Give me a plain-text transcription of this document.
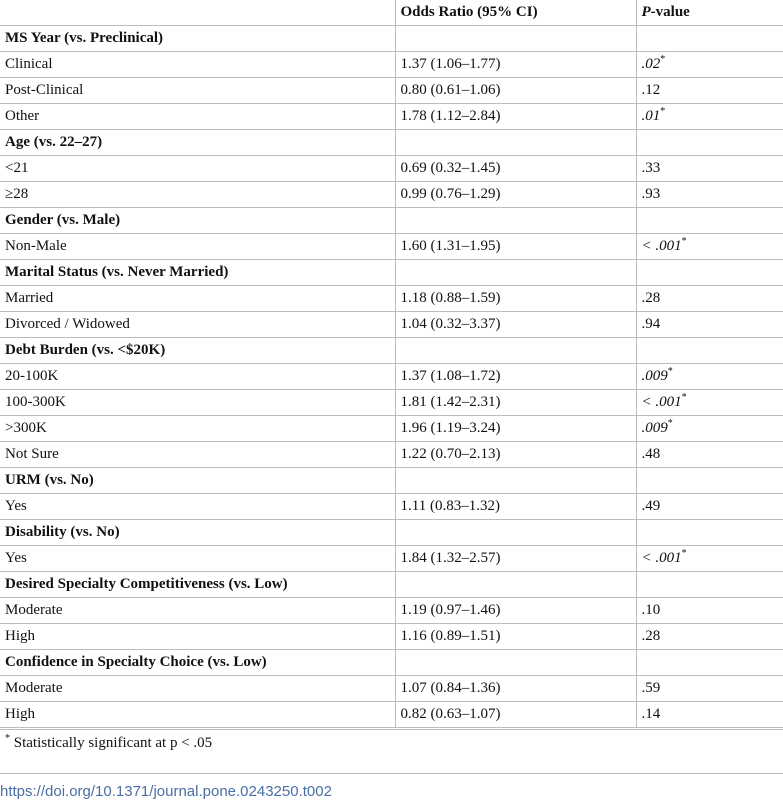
	Odds Ratio (95% CI)	P-value
MS Year (vs. Preclinical)		
Clinical	1.37 (1.06–1.77)	.02*
Post-Clinical	0.80 (0.61–1.06)	.12
Other	1.78 (1.12–2.84)	.01*
Age (vs. 22–27)		
<21	0.69 (0.32–1.45)	.33
≥28	0.99 (0.76–1.29)	.93
Gender (vs. Male)		
Non-Male	1.60 (1.31–1.95)	< .001*
Marital Status (vs. Never Married)		
Married	1.18 (0.88–1.59)	.28
Divorced / Widowed	1.04 (0.32–3.37)	.94
Debt Burden (vs. <$20K)		
20-100K	1.37 (1.08–1.72)	.009*
100-300K	1.81 (1.42–2.31)	< .001*
>300K	1.96 (1.19–3.24)	.009*
Not Sure	1.22 (0.70–2.13)	.48
URM (vs. No)		
Yes	1.11 (0.83–1.32)	.49
Disability (vs. No)		
Yes	1.84 (1.32–2.57)	< .001*
Desired Specialty Competitiveness (vs. Low)		
Moderate	1.19 (0.97–1.46)	.10
High	1.16 (0.89–1.51)	.28
Confidence in Specialty Choice (vs. Low)		
Moderate	1.07 (0.84–1.36)	.59
High	0.82 (0.63–1.07)	.14
* Statistically significant at p < .05
https://doi.org/10.1371/journal.pone.0243250.t002
